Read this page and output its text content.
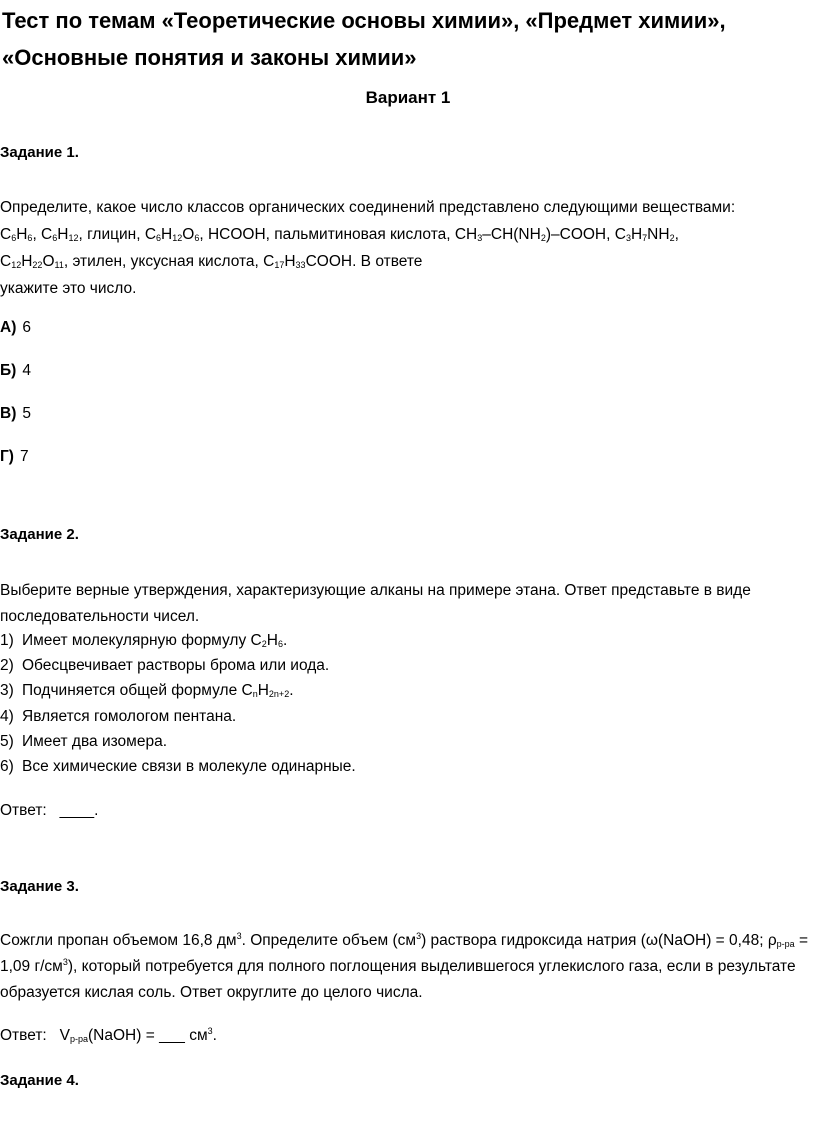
Тест по темам «Теоретические основы химии», «Предмет химии», «Основные понятия и законы химии»
Вариант 1
Задание 1.
Определите, какое число классов органических соединений представлено следующими веществами:
$C_6H_6$, $C_6H_{12}$, глицин, $C_6H_{12}O_6$, HCOOH, пальмитиновая кислота, $CH_3-CH(NH_2)$–COOH, $C_3H_7NH_2$,
$C_{12}H_{22}O_{11}$, этилен, уксусная кислота, $C_{17}H_{33}COOH$. В ответе
укажите это число.
А) 6
Б) 4
В) 5
Г) 7
Задание 2.
Выберите верные утверждения, характеризующие алканы на примере этана. Ответ представьте в виде последовательности чисел.
1) Имеет молекулярную формулу $C_2H_6$.
2) Обесцвечивает растворы брома или иода.
3) Подчиняется общей формуле $C_nH_{2n+2}$.
4) Является гомологом пентана.
5) Имеет два изомера.
6) Все химические связи в молекуле одинарные.
Ответ:   ____.
Задание 3.
Сожгли пропан объемом 16,8 $дм^3$. Определите объем $(см^3)$ раствора гидроксида натрия (ω(NaOH) = 0,48; $\rho_{р-ра} = 1,09$ $г/см^3$), который потребуется для полного поглощения выделившегося углекислого газа, если в результате образуется кислая соль. Ответ округлите до целого числа.
Ответ:   $V_{р-ра}(NaOH)$ = ___ $см^3$.
Задание 4.
